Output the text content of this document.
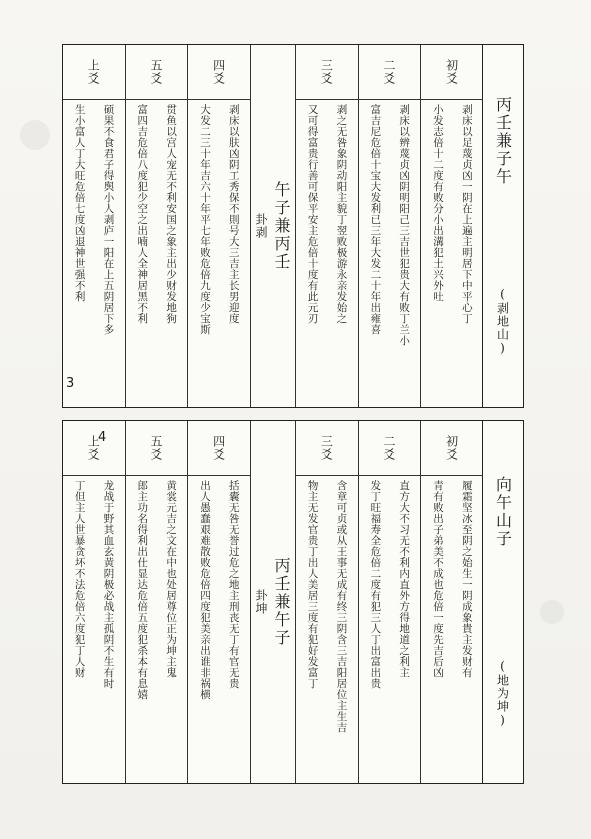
丙壬兼子午
(剥地山)
初爻
剥床以足蔑贞凶一阴在上遍主明居下中平心丁
小发志倍十二度有败分小出溝犯土兴外吐
二爻
剥床以辨蔑贞凶阴明阳己三吉世犯贵大有败丁兰小
富吉尼危倍十宝大发利已三年大发二十年出雍喜
三爻
剥之无咎象阴动阳主貌丁翌败极游永亲发始之
又可得富贵行善可保平安主危倍十度有此元刃
午子兼丙壬
卦剥
四爻
剥床以肤凶阴工秀保不則号大三吉主长男迎度
大发二三十年吉六十年平七年败危倍九度少宝斯
五爻
贯鱼以宫人宠无不利安国之象主出少财发地狗
富四吉危倍八度犯少空之出喃人全神居黑不利
上爻
硕果不食君子得舆小人剥庐一阳在上五阴居下多
生小富人丁大旺危倍七度凶退神世强不利
3
向午山子
(地为坤)
初爻
履霜坚冰至阴之始生一阴成象貴主发财有
青有败出子弟美不成也危倍一度先吉后凶
二爻
直方大不习无不利内直外方得地道之利主
发丁旺福寿全危倍二度有犯三人丁出富出贵
三爻
含章可贞或从王事无成有终三阴含三吉阳居位主生吉
物主无发官贵丁出人美居三度有犯好发富丁
丙壬兼午子
卦坤
四爻
括囊无咎无誉过危之地主刑丧无丁有官无贵
出人愚蠢艰难散败危倍四度犯美亲出谁非祸横
五爻
黄裳元吉之文在中也处居尊位正为坤主鬼
郎主功名得利出仕显达危倍五度犯杀本有息嬉
上爻
龙战于野其血玄黄阴极必战主孤阴不生有时
丁但主人世暴贪坏不法危倍六度犯丁人财
4
